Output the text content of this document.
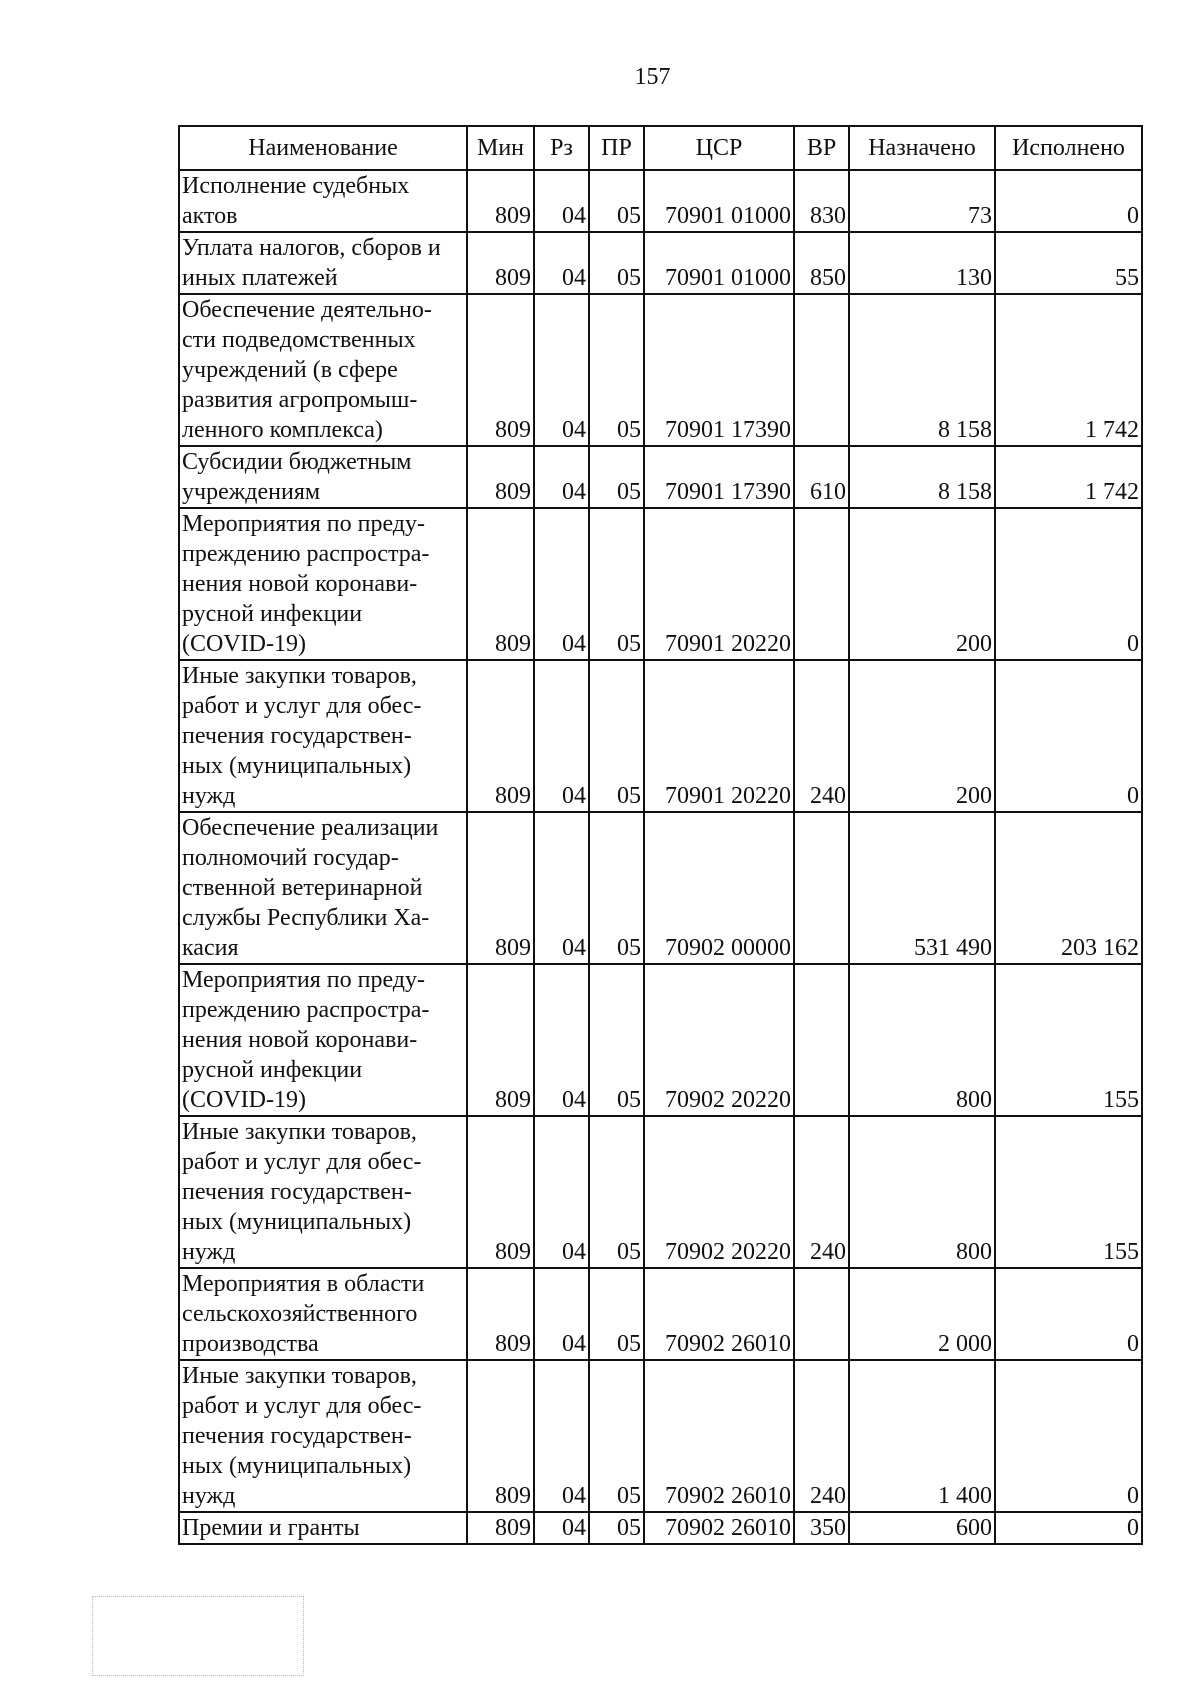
157
Наименование	Мин	Рз	ПР	ЦСР	ВР	Назначено	Исполнено
Исполнение судебных
актов	809	04	05	70901 01000	830	73	0
Уплата налогов, сборов и
иных платежей	809	04	05	70901 01000	850	130	55
Обеспечение деятельно-
сти подведомственных
учреждений (в сфере
развития агропромыш-
ленного комплекса)	809	04	05	70901 17390		8 158	1 742
Субсидии бюджетным
учреждениям	809	04	05	70901 17390	610	8 158	1 742
Мероприятия по преду-
преждению распростра-
нения новой коронави-
русной инфекции
(COVID-19)	809	04	05	70901 20220		200	0
Иные закупки товаров,
работ и услуг для обес-
печения государствен-
ных (муниципальных)
нужд	809	04	05	70901 20220	240	200	0
Обеспечение реализации
полномочий государ-
ственной ветеринарной
службы Республики Ха-
касия	809	04	05	70902 00000		531 490	203 162
Мероприятия по преду-
преждению распростра-
нения новой коронави-
русной инфекции
(COVID-19)	809	04	05	70902 20220		800	155
Иные закупки товаров,
работ и услуг для обес-
печения государствен-
ных (муниципальных)
нужд	809	04	05	70902 20220	240	800	155
Мероприятия в области
сельскохозяйственного
производства	809	04	05	70902 26010		2 000	0
Иные закупки товаров,
работ и услуг для обес-
печения государствен-
ных (муниципальных)
нужд	809	04	05	70902 26010	240	1 400	0
Премии и гранты	809	04	05	70902 26010	350	600	0
